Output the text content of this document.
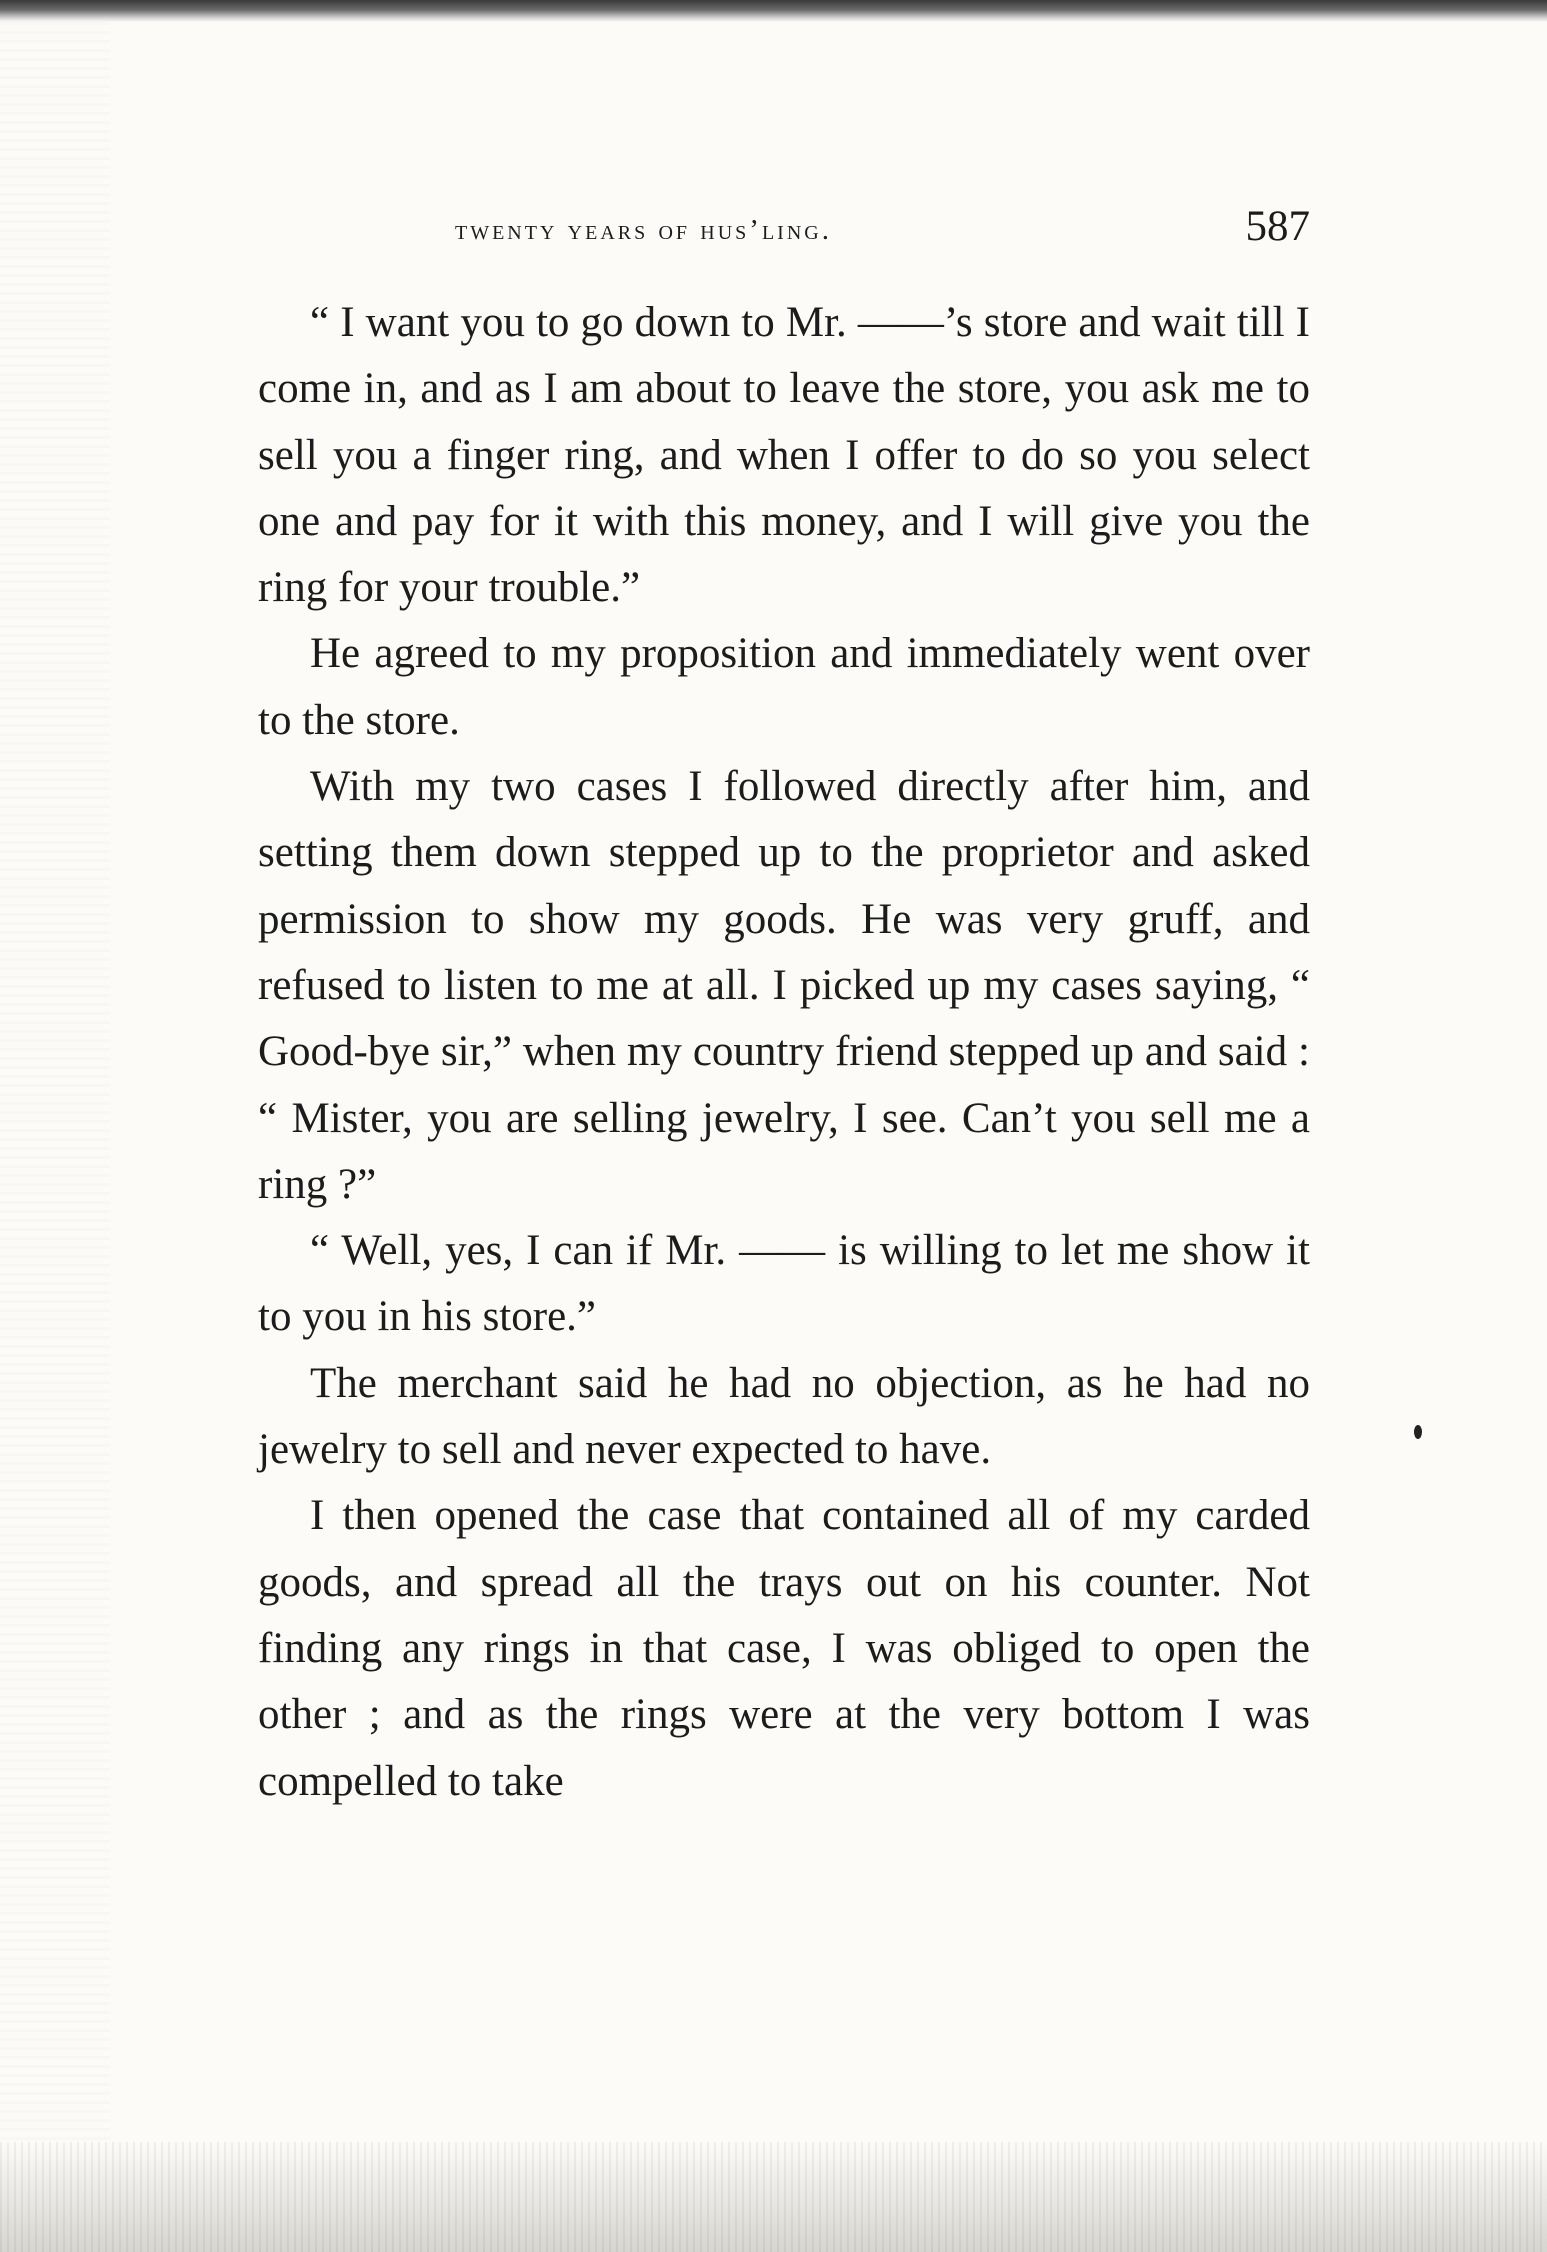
twenty years of hus’ling.	587

“ I want you to go down to Mr. ——’s store and wait till I come in, and as I am about to leave the store, you ask me to sell you a finger ring, and when I offer to do so you select one and pay for it with this money, and I will give you the ring for your trouble.”

He agreed to my proposition and immediately went over to the store.

With my two cases I followed directly after him, and setting them down stepped up to the proprietor and asked permission to show my goods. He was very gruff, and refused to listen to me at all. I picked up my cases saying, “ Good-bye sir,” when my country friend stepped up and said : “ Mister, you are selling jewelry, I see. Can’t you sell me a ring ?”

“ Well, yes, I can if Mr. —— is willing to let me show it to you in his store.”

The merchant said he had no objection, as he had no jewelry to sell and never expected to have.

I then opened the case that contained all of my carded goods, and spread all the trays out on his counter. Not finding any rings in that case, I was obliged to open the other ; and as the rings were at the very bottom I was compelled to take
